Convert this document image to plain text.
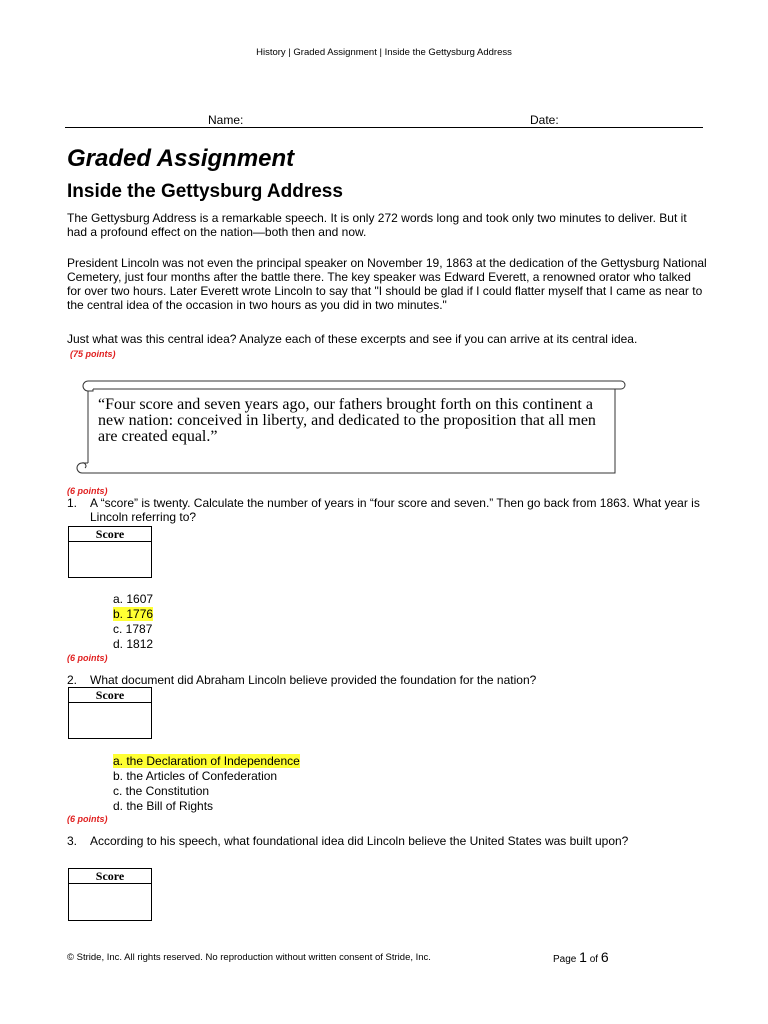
History | Graded Assignment | Inside the Gettysburg Address
Name:	Date:
Graded Assignment
Inside the Gettysburg Address
The Gettysburg Address is a remarkable speech. It is only 272 words long and took only two minutes to deliver. But it had a profound effect on the nation—both then and now.
President Lincoln was not even the principal speaker on November 19, 1863 at the dedication of the Gettysburg National Cemetery, just four months after the battle there. The key speaker was Edward Everett, a renowned orator who talked for over two hours. Later Everett wrote Lincoln to say that "I should be glad if I could flatter myself that I came as near to the central idea of the occasion in two hours as you did in two minutes."
Just what was this central idea? Analyze each of these excerpts and see if you can arrive at its central idea.
(75 points)
“Four score and seven years ago, our fathers brought forth on this continent a new nation: conceived in liberty, and dedicated to the proposition that all men are created equal.”
(6 points)
1. A “score” is twenty. Calculate the number of years in “four score and seven.” Then go back from 1863. What year is Lincoln referring to?
Score
a. 1607
b. 1776
c. 1787
d. 1812
(6 points)
2. What document did Abraham Lincoln believe provided the foundation for the nation?
Score
a. the Declaration of Independence
b. the Articles of Confederation
c. the Constitution
d. the Bill of Rights
(6 points)
3. According to his speech, what foundational idea did Lincoln believe the United States was built upon?
Score
© Stride, Inc. All rights reserved. No reproduction without written consent of Stride, Inc.	Page 1 of 6
